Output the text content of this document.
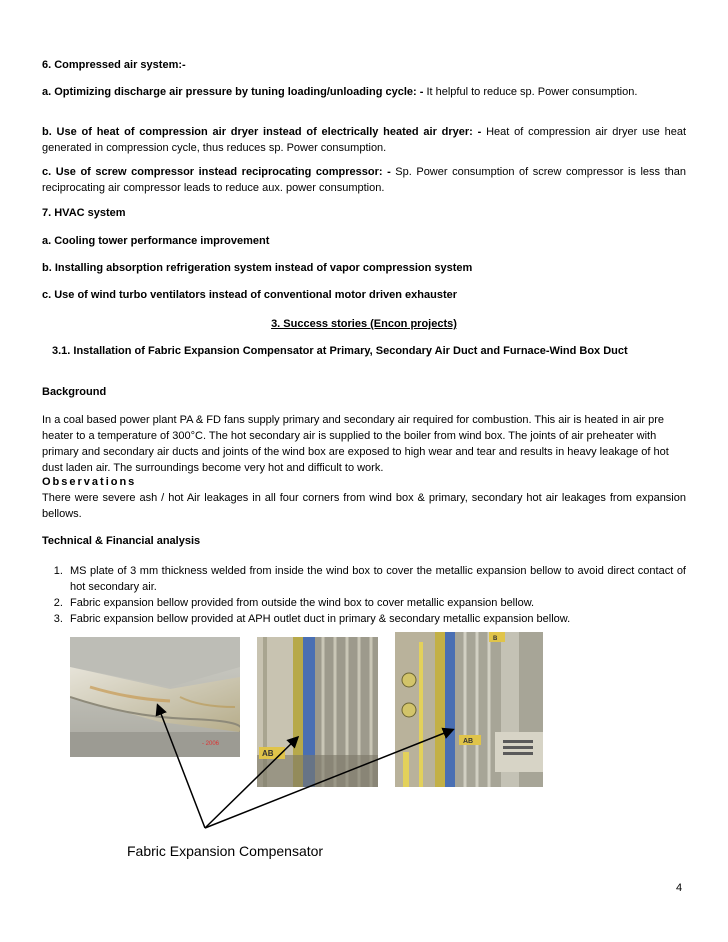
6. Compressed air system:-
a. Optimizing discharge air pressure by tuning loading/unloading cycle: - It helpful to reduce sp. Power consumption.
b. Use of heat of compression air dryer instead of electrically heated air dryer: - Heat of compression air dryer use heat generated in compression cycle, thus reduces sp. Power consumption.
c. Use of screw compressor instead reciprocating compressor: - Sp. Power consumption of screw compressor is less than reciprocating air compressor leads to reduce aux. power consumption.
7. HVAC system
a. Cooling tower performance improvement
b. Installing absorption refrigeration system instead of vapor compression system
c. Use of wind turbo ventilators instead of conventional motor driven exhauster
3. Success stories (Encon projects)
3.1. Installation of Fabric Expansion Compensator at Primary, Secondary Air Duct and Furnace-Wind Box Duct
Background
In a coal based power plant PA & FD fans supply primary and secondary air required for combustion. This air is heated in air pre heater to a temperature of 300°C. The hot secondary air is supplied to the boiler from wind box. The joints of air preheater with primary and secondary air ducts and joints of the wind box are exposed to high wear and tear and results in heavy leakage of hot dust laden air. The surroundings become very hot and difficult to work.
Observations
There were severe ash / hot Air leakages in all four corners from wind box & primary, secondary hot air leakages from expansion bellows.
Technical & Financial analysis
1. MS plate of 3 mm thickness welded from inside the wind box to cover the metallic expansion bellow to avoid direct contact of hot secondary air.
2. Fabric expansion bellow provided from outside the wind box to cover metallic expansion bellow.
3. Fabric expansion bellow provided at APH outlet duct in primary & secondary metallic expansion bellow.
- 2006
AB
B
AB
Fabric Expansion Compensator
4
